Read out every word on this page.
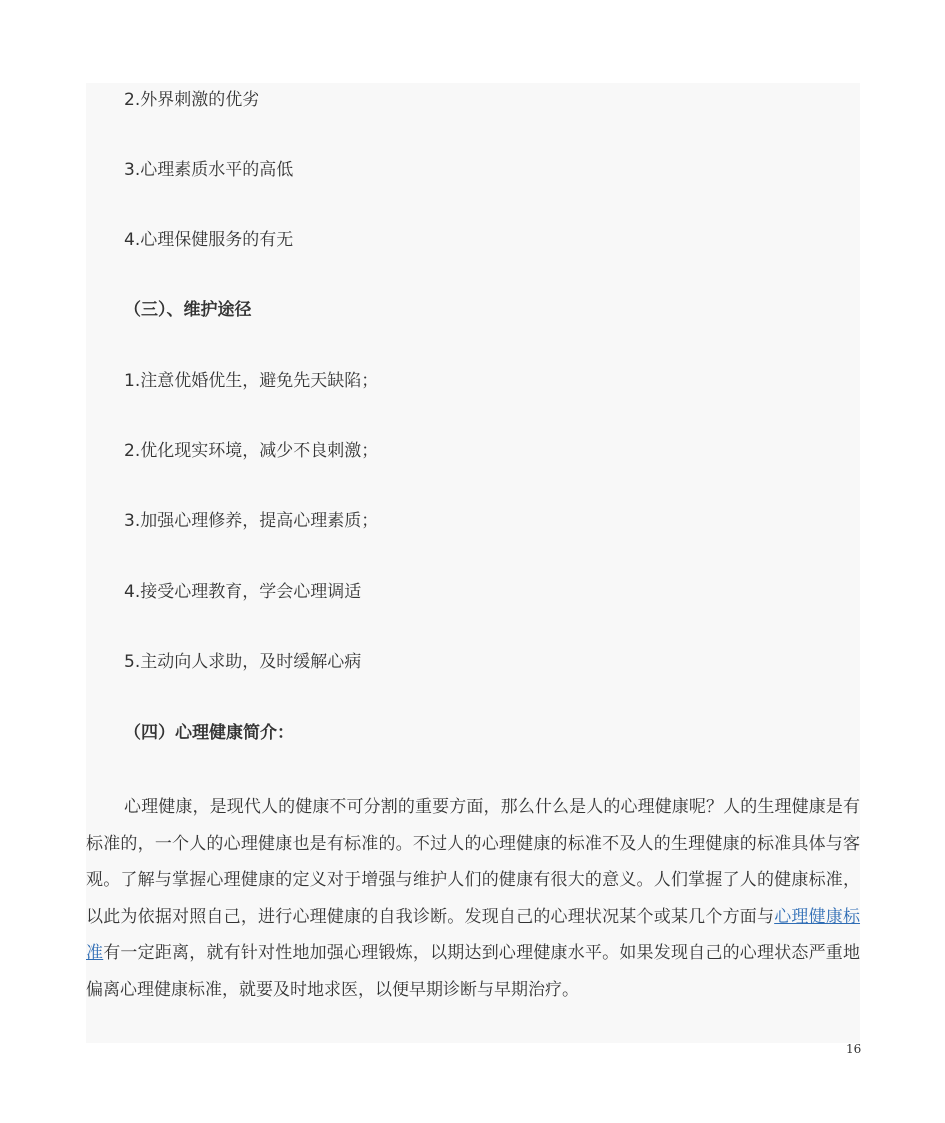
2.外界刺激的优劣

3.心理素质水平的高低

4.心理保健服务的有无

（三）、维护途径

1.注意优婚优生，避免先天缺陷；

2.优化现实环境，减少不良刺激；

3.加强心理修养，提高心理素质；

4.接受心理教育，学会心理调适

5.主动向人求助，及时缓解心病

（四）心理健康简介：

心理健康，是现代人的健康不可分割的重要方面，那么什么是人的心理健康呢？人的生理健康是有标准的，一个人的心理健康也是有标准的。不过人的心理健康的标准不及人的生理健康的标准具体与客观。了解与掌握心理健康的定义对于增强与维护人们的健康有很大的意义。人们掌握了人的健康标准，以此为依据对照自己，进行心理健康的自我诊断。发现自己的心理状况某个或某几个方面与心理健康标准有一定距离，就有针对性地加强心理锻炼，以期达到心理健康水平。如果发现自己的心理状态严重地偏离心理健康标准，就要及时地求医，以便早期诊断与早期治疗。

16
